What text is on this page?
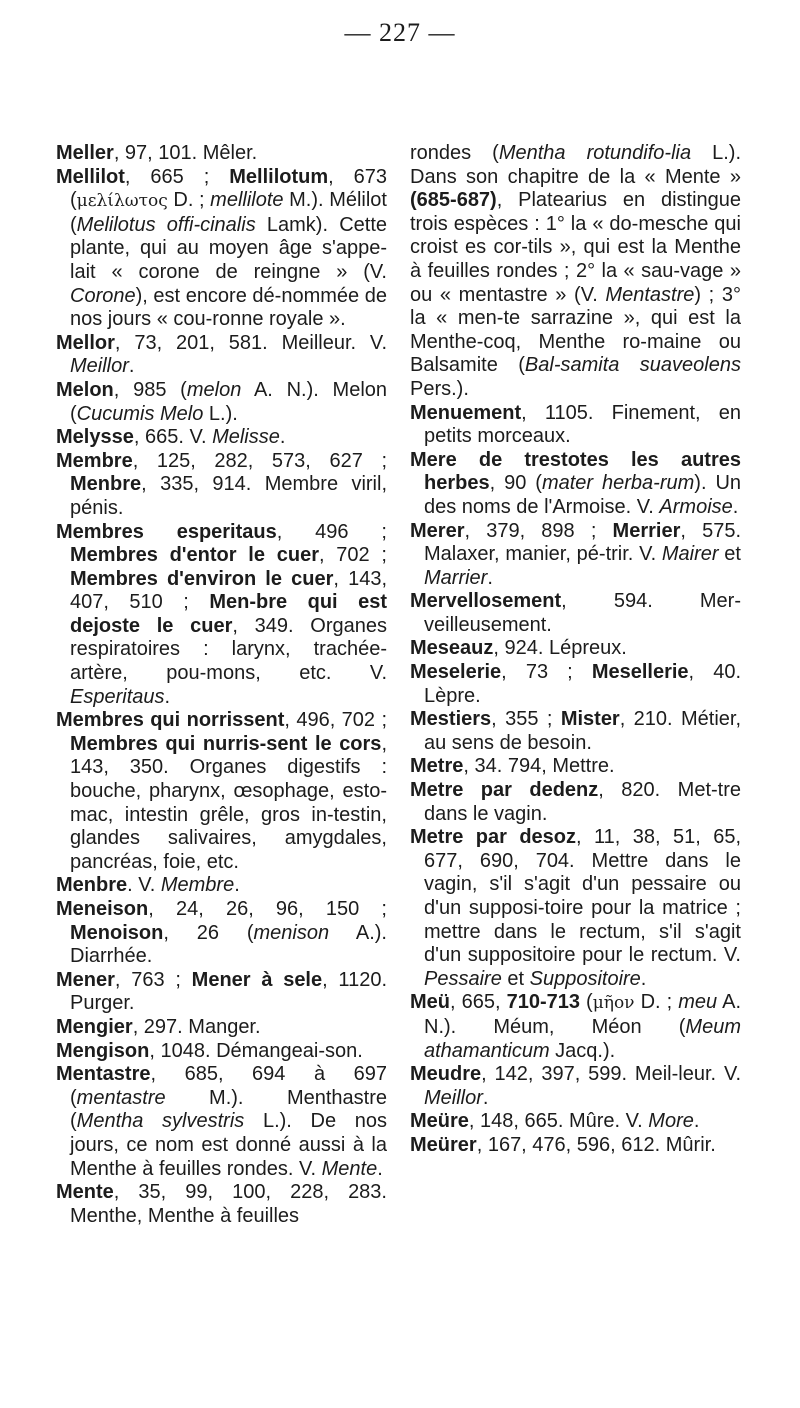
— 227 —

Meller, 97, 101. Mêler.

Mellilot, 665 ; Mellilotum, 673 (μελίλωτος D. ; mellilote M.). Mélilot (Melilotus offi-cinalis Lamk). Cette plante, qui au moyen âge s'appe-lait « corone de reingne » (V. Corone), est encore dé-nommée de nos jours « cou-ronne royale ».

Mellor, 73, 201, 581. Meilleur. V. Meillor.

Melon, 985 (melon A. N.). Melon (Cucumis Melo L.).

Melysse, 665. V. Melisse.

Membre, 125, 282, 573, 627 ; Menbre, 335, 914. Membre viril, pénis.

Membres esperitaus, 496 ; Membres d'entor le cuer, 702 ; Membres d'environ le cuer, 143, 407, 510 ; Men-bre qui est dejoste le cuer, 349. Organes respiratoires : larynx, trachée-artère, pou-mons, etc. V. Esperitaus.

Membres qui norrissent, 496, 702 ; Membres qui nurris-sent le cors, 143, 350. Organes digestifs : bouche, pharynx, œsophage, esto-mac, intestin grêle, gros in-testin, glandes salivaires, amygdales, pancréas, foie, etc.

Menbre. V. Membre.

Meneison, 24, 26, 96, 150 ; Menoison, 26 (menison A.). Diarrhée.

Mener, 763 ; Mener à sele, 1120. Purger.

Mengier, 297. Manger.

Mengison, 1048. Démangeai-son.

Mentastre, 685, 694 à 697 (mentastre M.). Menthastre (Mentha sylvestris L.). De nos jours, ce nom est donné aussi à la Menthe à feuilles rondes. V. Mente.

Mente, 35, 99, 100, 228, 283. Menthe, Menthe à feuilles

rondes (Mentha rotundifo-lia L.). Dans son chapitre de la « Mente » (685-687), Platearius en distingue trois espèces : 1° la « do-mesche qui croist es cor-tils », qui est la Menthe à feuilles rondes ; 2° la « sau-vage » ou « mentastre » (V. Mentastre) ; 3° la « men-te sarrazine », qui est la Menthe-coq, Menthe ro-maine ou Balsamite (Bal-samita suaveolens Pers.).

Menuement, 1105. Finement, en petits morceaux.

Mere de trestotes les autres herbes, 90 (mater herba-rum). Un des noms de l'Armoise. V. Armoise.

Merer, 379, 898 ; Merrier, 575. Malaxer, manier, pé-trir. V. Mairer et Marrier.

Mervellosement, 594. Mer-veilleusement.

Meseauz, 924. Lépreux.

Meselerie, 73 ; Mesellerie, 40. Lèpre.

Mestiers, 355 ; Mister, 210. Métier, au sens de besoin.

Metre, 34. 794, Mettre.

Metre par dedenz, 820. Met-tre dans le vagin.

Metre par desoz, 11, 38, 51, 65, 677, 690, 704. Mettre dans le vagin, s'il s'agit d'un pessaire ou d'un supposi-toire pour la matrice ; mettre dans le rectum, s'il s'agit d'un suppositoire pour le rectum. V. Pessaire et Suppositoire.

Meü, 665, 710-713 (μῆον D. ; meu A. N.). Méum, Méon (Meum athamanticum Jacq.).

Meudre, 142, 397, 599. Meil-leur. V. Meillor.

Meüre, 148, 665. Mûre. V. More.

Meürer, 167, 476, 596, 612. Mûrir.
